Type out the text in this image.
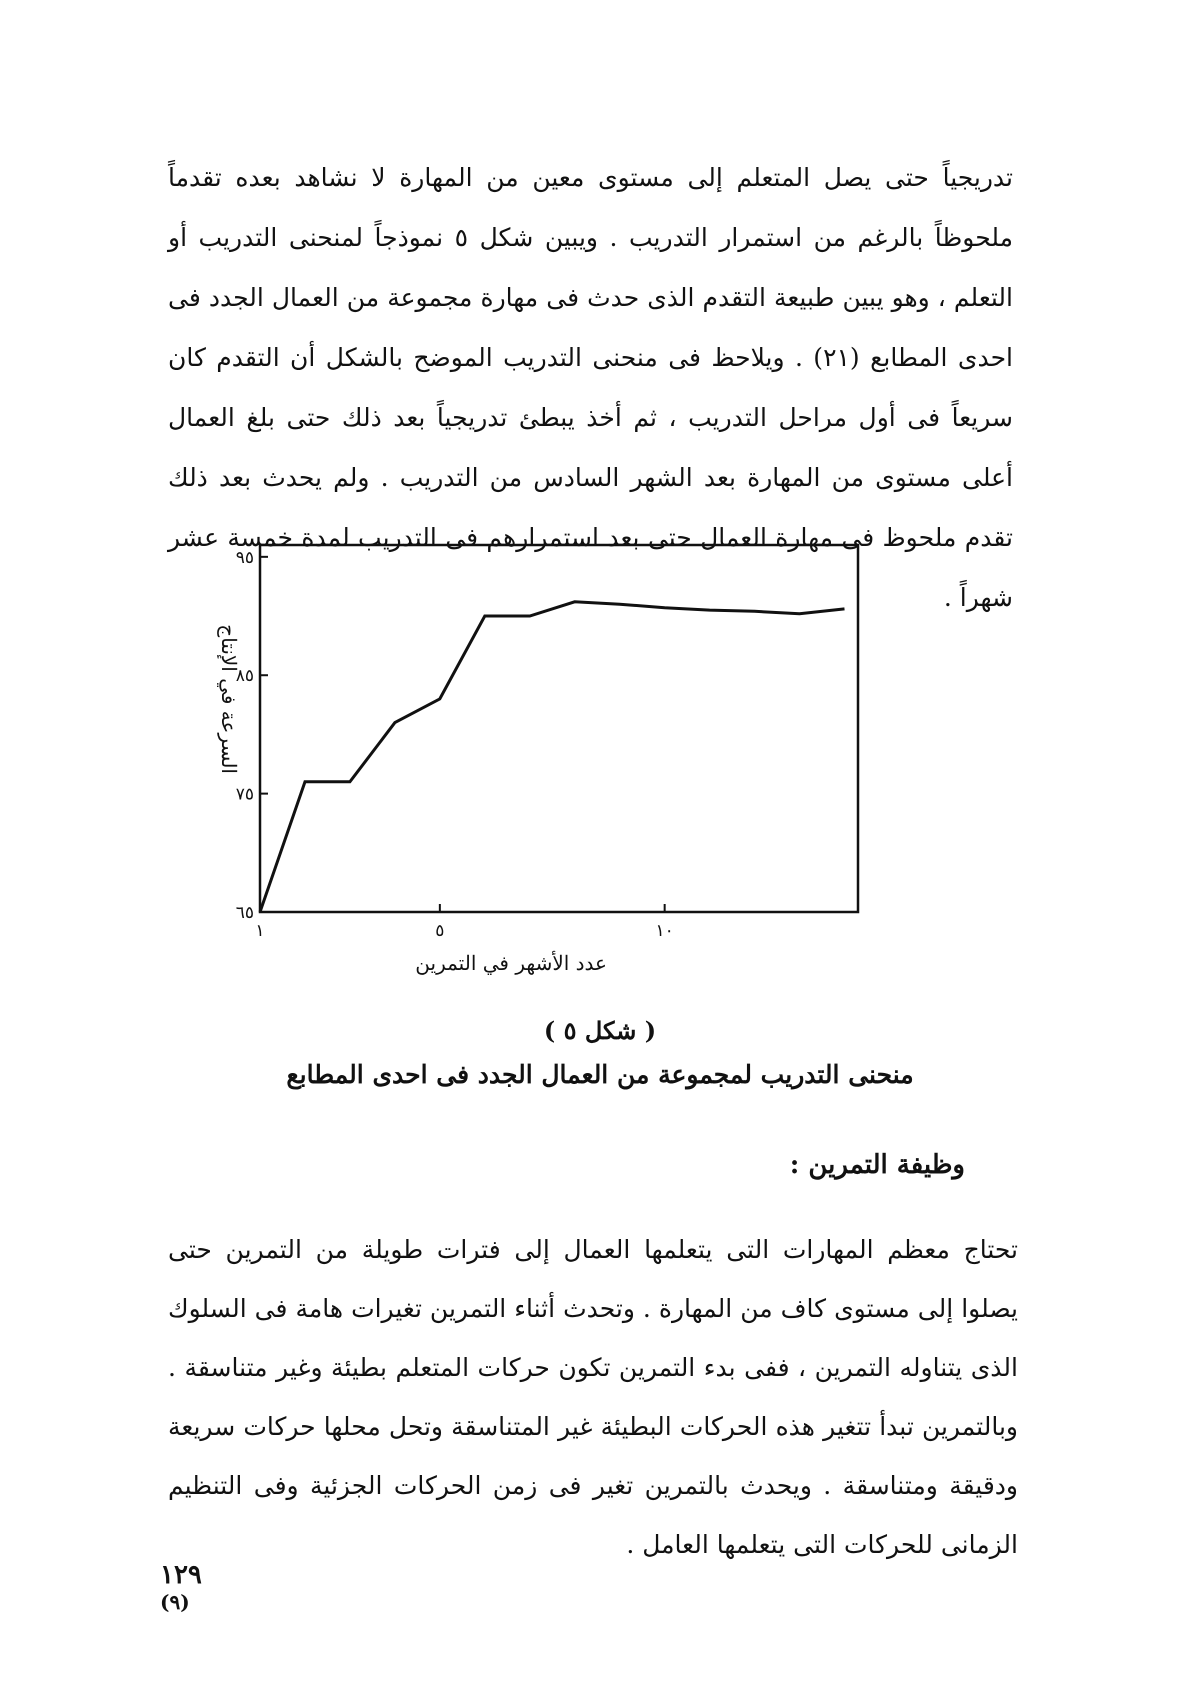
تدريجياً حتى يصل المتعلم إلى مستوى معين من المهارة لا نشاهد بعده تقدماً ملحوظاً بالرغم من استمرار التدريب . ويبين شكل ٥ نموذجاً لمنحنى التدريب أو التعلم ، وهو يبين طبيعة التقدم الذى حدث فى مهارة مجموعة من العمال الجدد فى احدى المطابع (٢١) . ويلاحظ فى منحنى التدريب الموضح بالشكل أن التقدم كان سريعاً فى أول مراحل التدريب ، ثم أخذ يبطئ تدريجياً بعد ذلك حتى بلغ العمال أعلى مستوى من المهارة بعد الشهر السادس من التدريب . ولم يحدث بعد ذلك تقدم ملحوظ فى مهارة العمال حتى بعد استمرارهم فى التدريب لمدة خمسة عشر شهراً .

٦٥
٧٥
٨٥
٩٥
١	٥	١٠
السرعة في الإنتاج
عدد الأشهر في التمرين
( شكل ٥ )
منحنى التدريب لمجموعة من العمال الجدد فى احدى المطابع
وظيفة التمرين :

تحتاج معظم المهارات التى يتعلمها العمال إلى فترات طويلة من التمرين حتى يصلوا إلى مستوى كاف من المهارة . وتحدث أثناء التمرين تغيرات هامة فى السلوك الذى يتناوله التمرين ، ففى بدء التمرين تكون حركات المتعلم بطيئة وغير متناسقة . وبالتمرين تبدأ تتغير هذه الحركات البطيئة غير المتناسقة وتحل محلها حركات سريعة ودقيقة ومتناسقة . ويحدث بالتمرين تغير فى زمن الحركات الجزئية وفى التنظيم الزمانى للحركات التى يتعلمها العامل .

١٢٩
(٩)
